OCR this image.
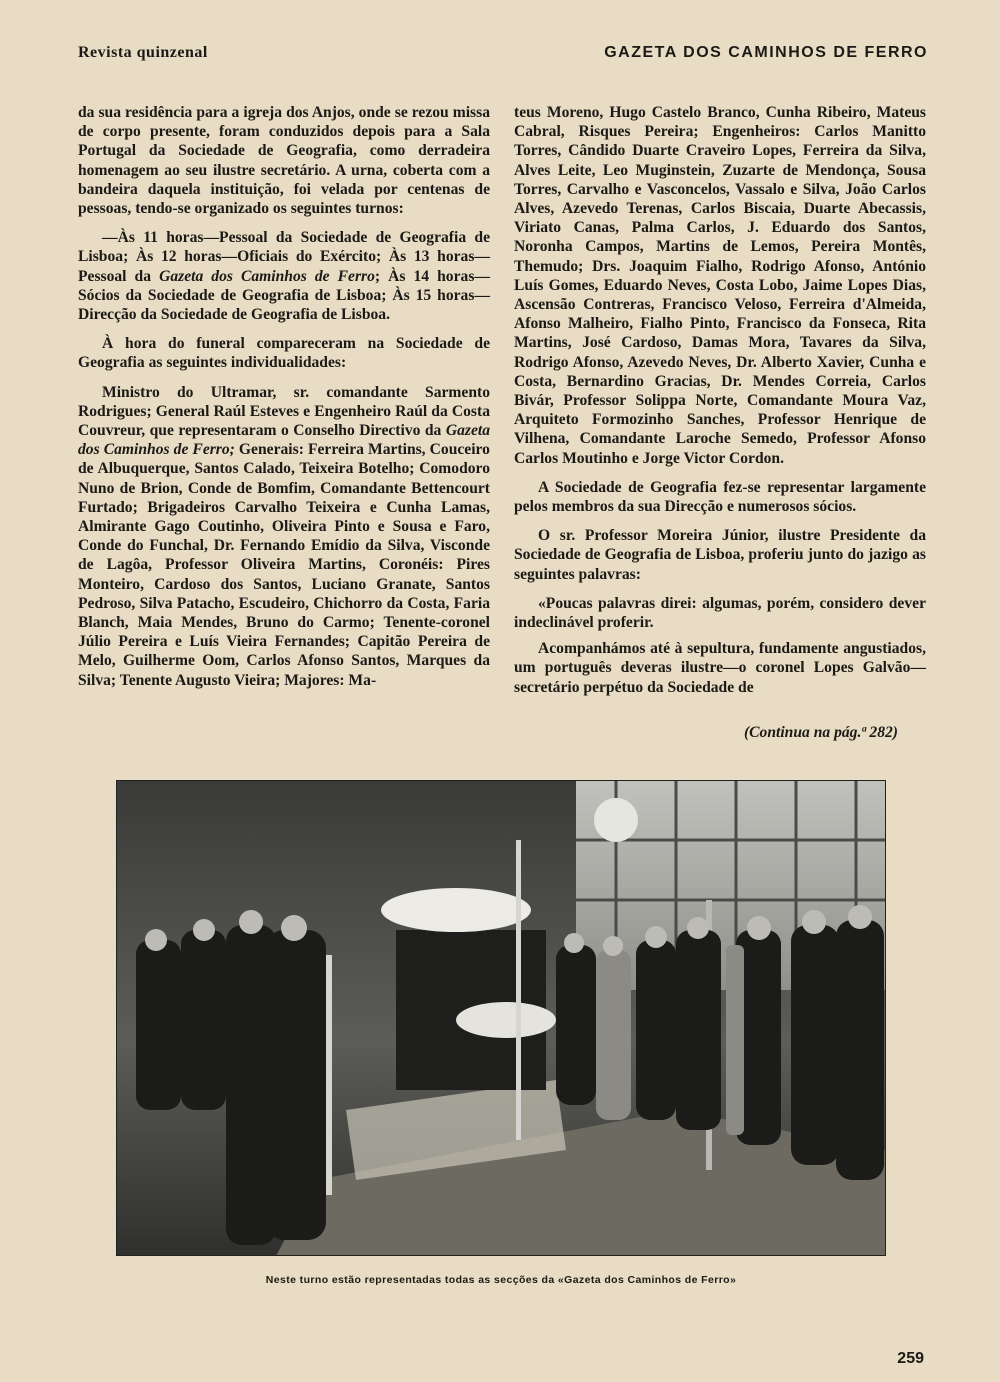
Revista quinzenal	GAZETA DOS CAMINHOS DE FERRO

da sua residência para a igreja dos Anjos, onde se rezou missa de corpo presente, foram conduzidos depois para a Sala Portugal da Sociedade de Geografia, como derradeira homenagem ao seu ilustre secretário. A urna, coberta com a bandeira daquela instituição, foi velada por centenas de pessoas, tendo-se organizado os seguintes turnos:

—Às 11 horas—Pessoal da Sociedade de Geografia de Lisboa; Às 12 horas—Oficiais do Exército; Às 13 horas—Pessoal da Gazeta dos Caminhos de Ferro; Às 14 horas—Sócios da Sociedade de Geografia de Lisboa; Às 15 horas—Direcção da Sociedade de Geografia de Lisboa.

À hora do funeral compareceram na Sociedade de Geografia as seguintes individualidades:

Ministro do Ultramar, sr. comandante Sarmento Rodrigues; General Raúl Esteves e Engenheiro Raúl da Costa Couvreur, que representaram o Conselho Directivo da Gazeta dos Caminhos de Ferro; Generais: Ferreira Martins, Couceiro de Albuquerque, Santos Calado, Teixeira Botelho; Comodoro Nuno de Brion, Conde de Bomfim, Comandante Bettencourt Furtado; Brigadeiros Carvalho Teixeira e Cunha Lamas, Almirante Gago Coutinho, Oliveira Pinto e Sousa e Faro, Conde do Funchal, Dr. Fernando Emídio da Silva, Visconde de Lagôa, Professor Oliveira Martins, Coronéis: Pires Monteiro, Cardoso dos Santos, Luciano Granate, Santos Pedroso, Silva Patacho, Escudeiro, Chichorro da Costa, Faria Blanch, Maia Mendes, Bruno do Carmo; Tenente-coronel Júlio Pereira e Luís Vieira Fernandes; Capitão Pereira de Melo, Guilherme Oom, Carlos Afonso Santos, Marques da Silva; Tenente Augusto Vieira; Majores: Ma-

teus Moreno, Hugo Castelo Branco, Cunha Ribeiro, Mateus Cabral, Risques Pereira; Engenheiros: Carlos Manitto Torres, Cândido Duarte Craveiro Lopes, Ferreira da Silva, Alves Leite, Leo Muginstein, Zuzarte de Mendonça, Sousa Torres, Carvalho e Vasconcelos, Vassalo e Silva, João Carlos Alves, Azevedo Terenas, Carlos Biscaia, Duarte Abecassis, Viriato Canas, Palma Carlos, J. Eduardo dos Santos, Noronha Campos, Martins de Lemos, Pereira Montês, Themudo; Drs. Joaquim Fialho, Rodrigo Afonso, António Luís Gomes, Eduardo Neves, Costa Lobo, Jaime Lopes Dias, Ascensão Contreras, Francisco Veloso, Ferreira d'Almeida, Afonso Malheiro, Fialho Pinto, Francisco da Fonseca, Rita Martins, José Cardoso, Damas Mora, Tavares da Silva, Rodrigo Afonso, Azevedo Neves, Dr. Alberto Xavier, Cunha e Costa, Bernardino Gracias, Dr. Mendes Correia, Carlos Bivár, Professor Solippa Norte, Comandante Moura Vaz, Arquiteto Formozinho Sanches, Professor Henrique de Vilhena, Comandante Laroche Semedo, Professor Afonso Carlos Moutinho e Jorge Victor Cordon.

A Sociedade de Geografia fez-se representar largamente pelos membros da sua Direcção e numerosos sócios.

O sr. Professor Moreira Júnior, ilustre Presidente da Sociedade de Geografia de Lisboa, proferiu junto do jazigo as seguintes palavras:

«Poucas palavras direi: algumas, porém, considero dever indeclinável proferir.

Acompanhámos até à sepultura, fundamente angustiados, um português deveras ilustre—o coronel Lopes Galvão—secretário perpétuo da Sociedade de

(Continua na pág.ª 282)
Neste turno estão representadas todas as secções da «Gazeta dos Caminhos de Ferro»
259
